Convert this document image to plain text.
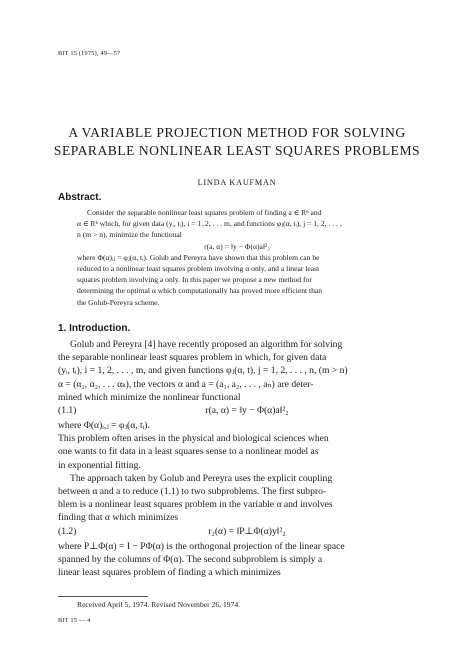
BIT 15 (1975), 49—57
A VARIABLE PROJECTION METHOD FOR SOLVING
SEPARABLE NONLINEAR LEAST SQUARES PROBLEMS
LINDA KAUFMAN
Abstract.

Consider the separable nonlinear least squares problem of finding a ∈ Rⁿ and

α ∈ Rᵏ which, for given data (yᵢ, tᵢ), i = 1, 2, . . . m, and functions φⱼ(α, tᵢ), j = 1, 2, . . . ,

n (m > n), minimize the functional

r(a, α) = ‖y − Φ(α)a‖²₂

where Φ(α)ᵢⱼ = φⱼ(α, tᵢ). Golub and Pereyra have shown that this problem can be

reduced to a nonlinear least squares problem involving α only, and a linear least

squares problem involving a only. In this paper we propose a new method for

determining the optimal α which computationally has proved more efficient than

the Golub-Pereyra scheme.

1. Introduction.

Golub and Pereyra [4] have recently proposed an algorithm for solving

the separable nonlinear least squares problem in which, for given data

(yᵢ, tᵢ), i = 1, 2, . . . , m, and given functions φⱼ(α, t), j = 1, 2, . . . , n, (m > n)

α = (α₁, α₂, . . . αₖ), the vectors α and a = (a₁, a₂, . . . , aₙ) are deter-

mined which minimize the nonlinear functional

(1.1)	r(a, α) = ‖y − Φ(α)a‖²₂

where Φ(α)ᵢ,ⱼ = φⱼ(α, tᵢ).

This problem often arises in the physical and biological sciences when

one wants to fit data in a least squares sense to a nonlinear model as

in exponential fitting.

The approach taken by Golub and Pereyra uses the explicit coupling

between α and a to reduce (1.1) to two subproblems. The first subpro-

blem is a nonlinear least squares problem in the variable α and involves

finding that α which minimizes

(1.2)	r₂(α) = ‖P⊥Φ(α)y‖²₂

where P⊥Φ(α) = I − PΦ(α) is the orthogonal projection of the linear space

spanned by the columns of Φ(α). The second subproblem is simply a

linear least squares problem of finding a which minimizes

Received April 5, 1974. Revised November 26, 1974.
BIT 15 — 4
